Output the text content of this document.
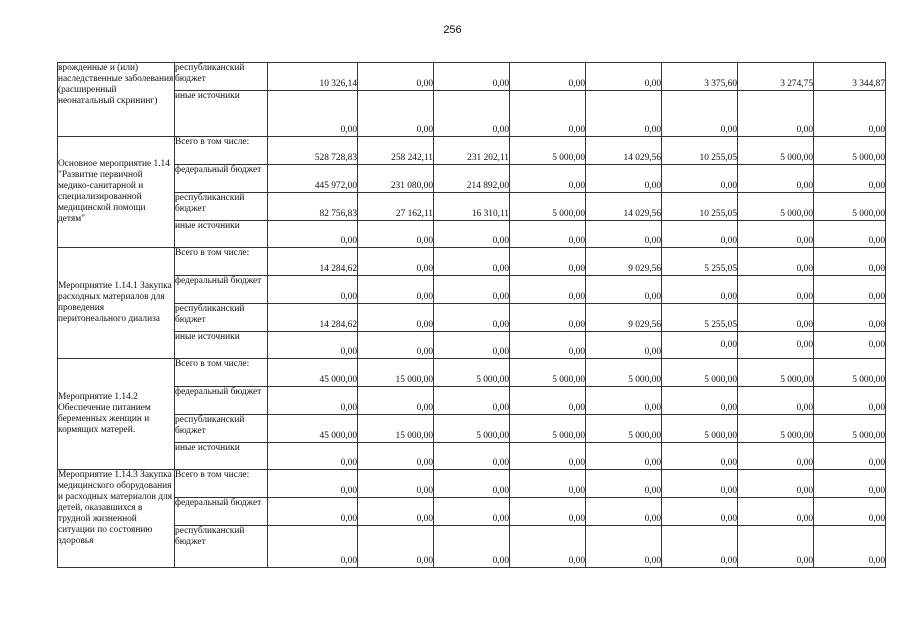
256
врожденные и (или) наследственные заболевания (расширенный неонатальный скрининг)	республиканский бюджет	10 326,14	0,00	0,00	0,00	0,00	3 375,60	3 274,75	3 344,87
	иные источники	0,00	0,00	0,00	0,00	0,00	0,00	0,00	0,00
Основное мероприятие 1.14 "Развитие первичной медико-санитарной и специализированной медицинской помощи детям"	Всего в том числе:	528 728,83	258 242,11	231 202,11	5 000,00	14 029,56	10 255,05	5 000,00	5 000,00
	федеральный бюджет	445 972,00	231 080,00	214 892,00	0,00	0,00	0,00	0,00	0,00
	республиканский бюджет	82 756,83	27 162,11	16 310,11	5 000,00	14 029,56	10 255,05	5 000,00	5 000,00
	иные источники	0,00	0,00	0,00	0,00	0,00	0,00	0,00	0,00
Мероприятие 1.14.1 Закупка расходных материалов для проведения перитонеального диализа	Всего в том числе:	14 284,62	0,00	0,00	0,00	9 029,56	5 255,05	0,00	0,00
	федеральный бюджет	0,00	0,00	0,00	0,00	0,00	0,00	0,00	0,00
	республиканский бюджет	14 284,62	0,00	0,00	0,00	9 029,56	5 255,05	0,00	0,00
	иные источники	0,00	0,00	0,00	0,00	0,00	0,00	0,00	0,00
Мероприятие 1.14.2 Обеспечение питанием беременных женщин и кормящих матерей.	Всего в том числе:	45 000,00	15 000,00	5 000,00	5 000,00	5 000,00	5 000,00	5 000,00	5 000,00
	федеральный бюджет	0,00	0,00	0,00	0,00	0,00	0,00	0,00	0,00
	республиканский бюджет	45 000,00	15 000,00	5 000,00	5 000,00	5 000,00	5 000,00	5 000,00	5 000,00
	иные источники	0,00	0,00	0,00	0,00	0,00	0,00	0,00	0,00
Мероприятие 1.14.3 Закупка медицинского оборудования и расходных материалов для детей, оказавшихся в трудной жизненной ситуации по состоянию здоровья	Всего в том числе:	0,00	0,00	0,00	0,00	0,00	0,00	0,00	0,00
	федеральный бюджет	0,00	0,00	0,00	0,00	0,00	0,00	0,00	0,00
	республиканский бюджет	0,00	0,00	0,00	0,00	0,00	0,00	0,00	0,00
